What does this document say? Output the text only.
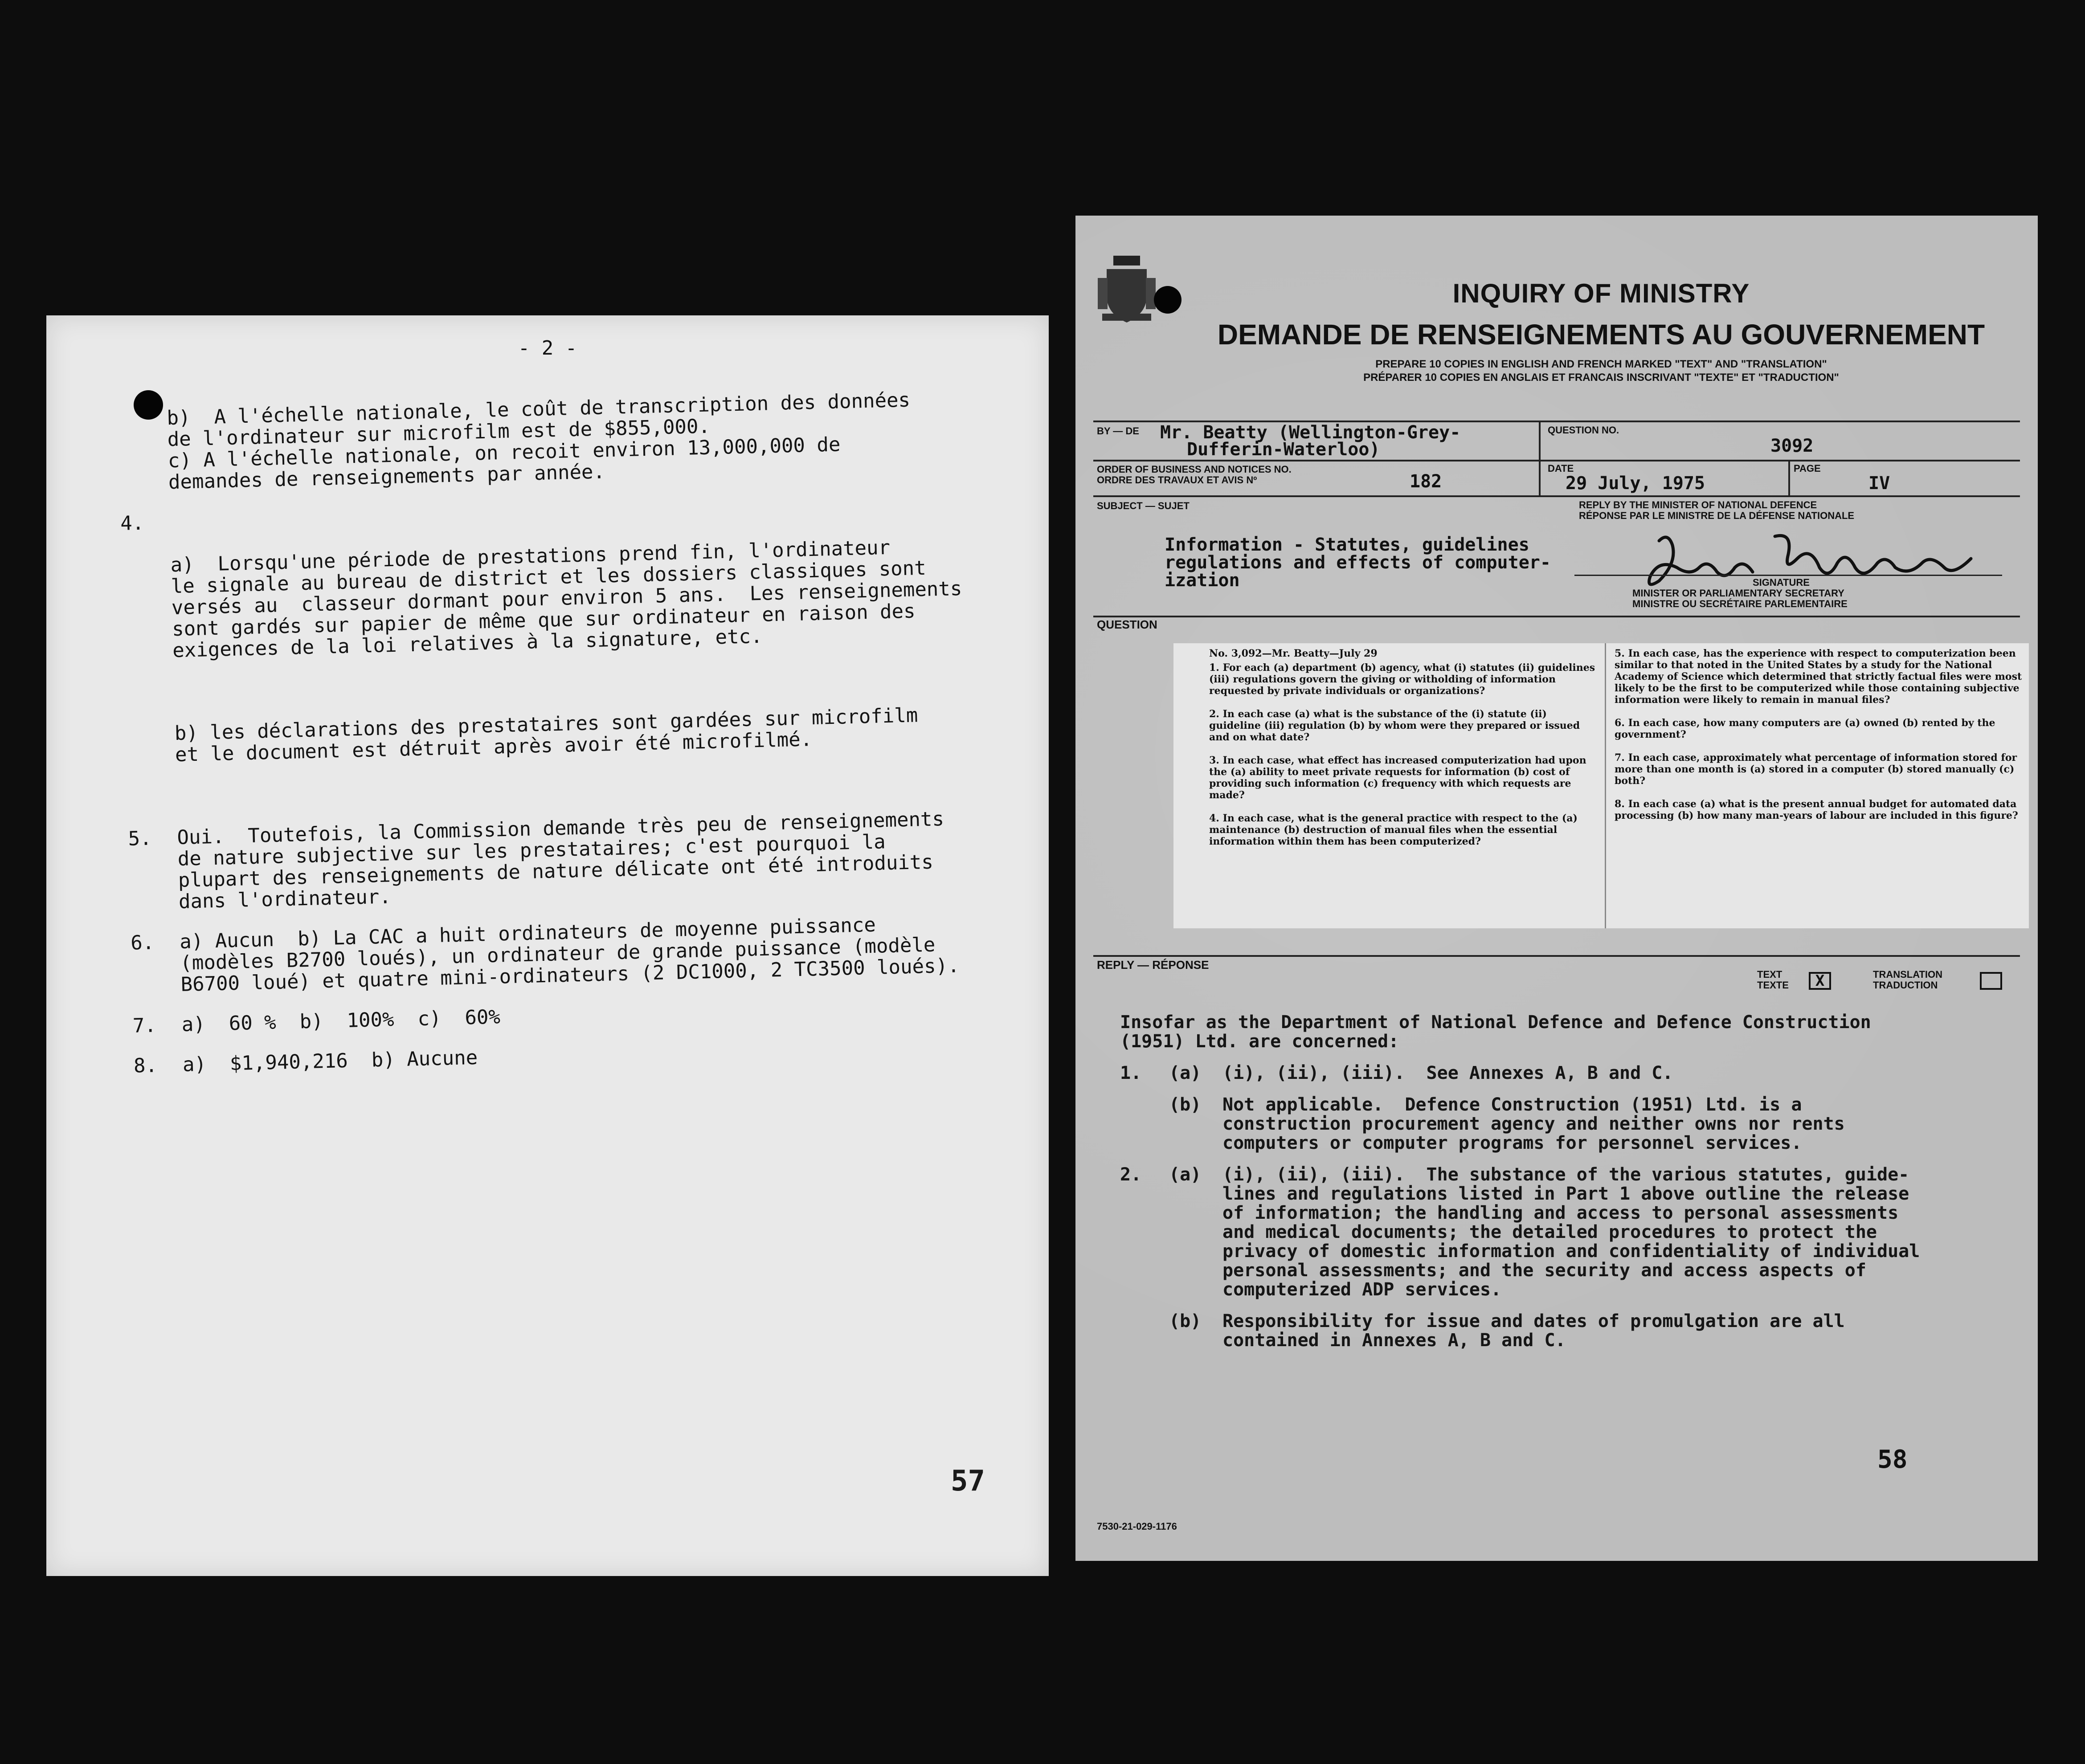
- 2 -
b)  A l'échelle nationale, le coût de transcription des données
de l'ordinateur sur microfilm est de $855,000.
c) A l'échelle nationale, on recoit environ 13,000,000 de
demandes de renseignements par année.
4.

a)  Lorsqu'une période de prestations prend fin, l'ordinateur
le signale au bureau de district et les dossiers classiques sont
versés au  classeur dormant pour environ 5 ans.  Les renseignements
sont gardés sur papier de même que sur ordinateur en raison des
exigences de la loi relatives à la signature, etc.

b) les déclarations des prestataires sont gardées sur microfilm
et le document est détruit après avoir été microfilmé.

5.	Oui.  Toutefois, la Commission demande très peu de renseignements
de nature subjective sur les prestataires; c'est pourquoi la
plupart des renseignements de nature délicate ont été introduits
dans l'ordinateur.
6.	a) Aucun  b) La CAC a huit ordinateurs de moyenne puissance
(modèles B2700 loués), un ordinateur de grande puissance (modèle
B6700 loué) et quatre mini-ordinateurs (2 DC1000, 2 TC3500 loués).
7.	a)  60 %  b)  100%  c)  60%
8.	a)  $1,940,216  b) Aucune
57
INQUIRY OF MINISTRY
DEMANDE DE RENSEIGNEMENTS AU GOUVERNEMENT
PREPARE 10 COPIES IN ENGLISH AND FRENCH MARKED "TEXT" AND "TRANSLATION"
PRÉPARER 10 COPIES EN ANGLAIS ET FRANCAIS INSCRIVANT "TEXTE" ET "TRADUCTION"
BY — DE Mr. Beatty (Wellington-Grey-
Dufferin-Waterloo)
QUESTION NO.
3092
ORDER OF BUSINESS AND NOTICES NO.
ORDRE DES TRAVAUX ET AVIS Nº	182
DATE
29 July, 1975
PAGE
IV
SUBJECT — SUJET	REPLY BY THE MINISTER OF NATIONAL DEFENCE
RÉPONSE PAR LE MINISTRE DE LA DÉFENSE NATIONALE
Information - Statutes, guidelines
regulations and effects of computer-
ization	SIGNATURE
MINISTER OR PARLIAMENTARY SECRETARY
MINISTRE OU SECRÉTAIRE PARLEMENTAIRE
QUESTION
No. 3,092—Mr. Beatty—July 29

1. For each (a) department (b) agency, what (i) statutes (ii) guidelines (iii) regulations govern the giving or witholding of information requested by private individuals or organizations?

2. In each case (a) what is the substance of the (i) statute (ii) guideline (iii) regulation (b) by whom were they prepared or issued and on what date?

3. In each case, what effect has increased computerization had upon the (a) ability to meet private requests for information (b) cost of providing such information (c) frequency with which requests are made?

4. In each case, what is the general practice with respect to the (a) maintenance (b) destruction of manual files when the essential information within them has been computerized?

5. In each case, has the experience with respect to computerization been similar to that noted in the United States by a study for the National Academy of Science which determined that strictly factual files were most likely to be the first to be computerized while those containing subjective information were likely to remain in manual files?

6. In each case, how many computers are (a) owned (b) rented by the government?

7. In each case, approximately what percentage of information stored for more than one month is (a) stored in a computer (b) stored manually (c) both?

8. In each case (a) what is the present annual budget for automated data processing (b) how many man-years of labour are included in this figure?

REPLY — RÉPONSE
TEXT
TEXTE	X	TRANSLATION
TRADUCTION
Insofar as the Department of National Defence and Defence Construction
(1951) Ltd. are concerned:
1.	(a)	(i), (ii), (iii).  See Annexes A, B and C.
(b)	Not applicable.  Defence Construction (1951) Ltd. is a
construction procurement agency and neither owns nor rents
computers or computer programs for personnel services.
2.	(a)	(i), (ii), (iii).  The substance of the various statutes, guide-
lines and regulations listed in Part 1 above outline the release
of information; the handling and access to personal assessments
and medical documents; the detailed procedures to protect the
privacy of domestic information and confidentiality of individual
personal assessments; and the security and access aspects of
computerized ADP services.
(b)	Responsibility for issue and dates of promulgation are all
contained in Annexes A, B and C.
58
7530-21-029-1176
